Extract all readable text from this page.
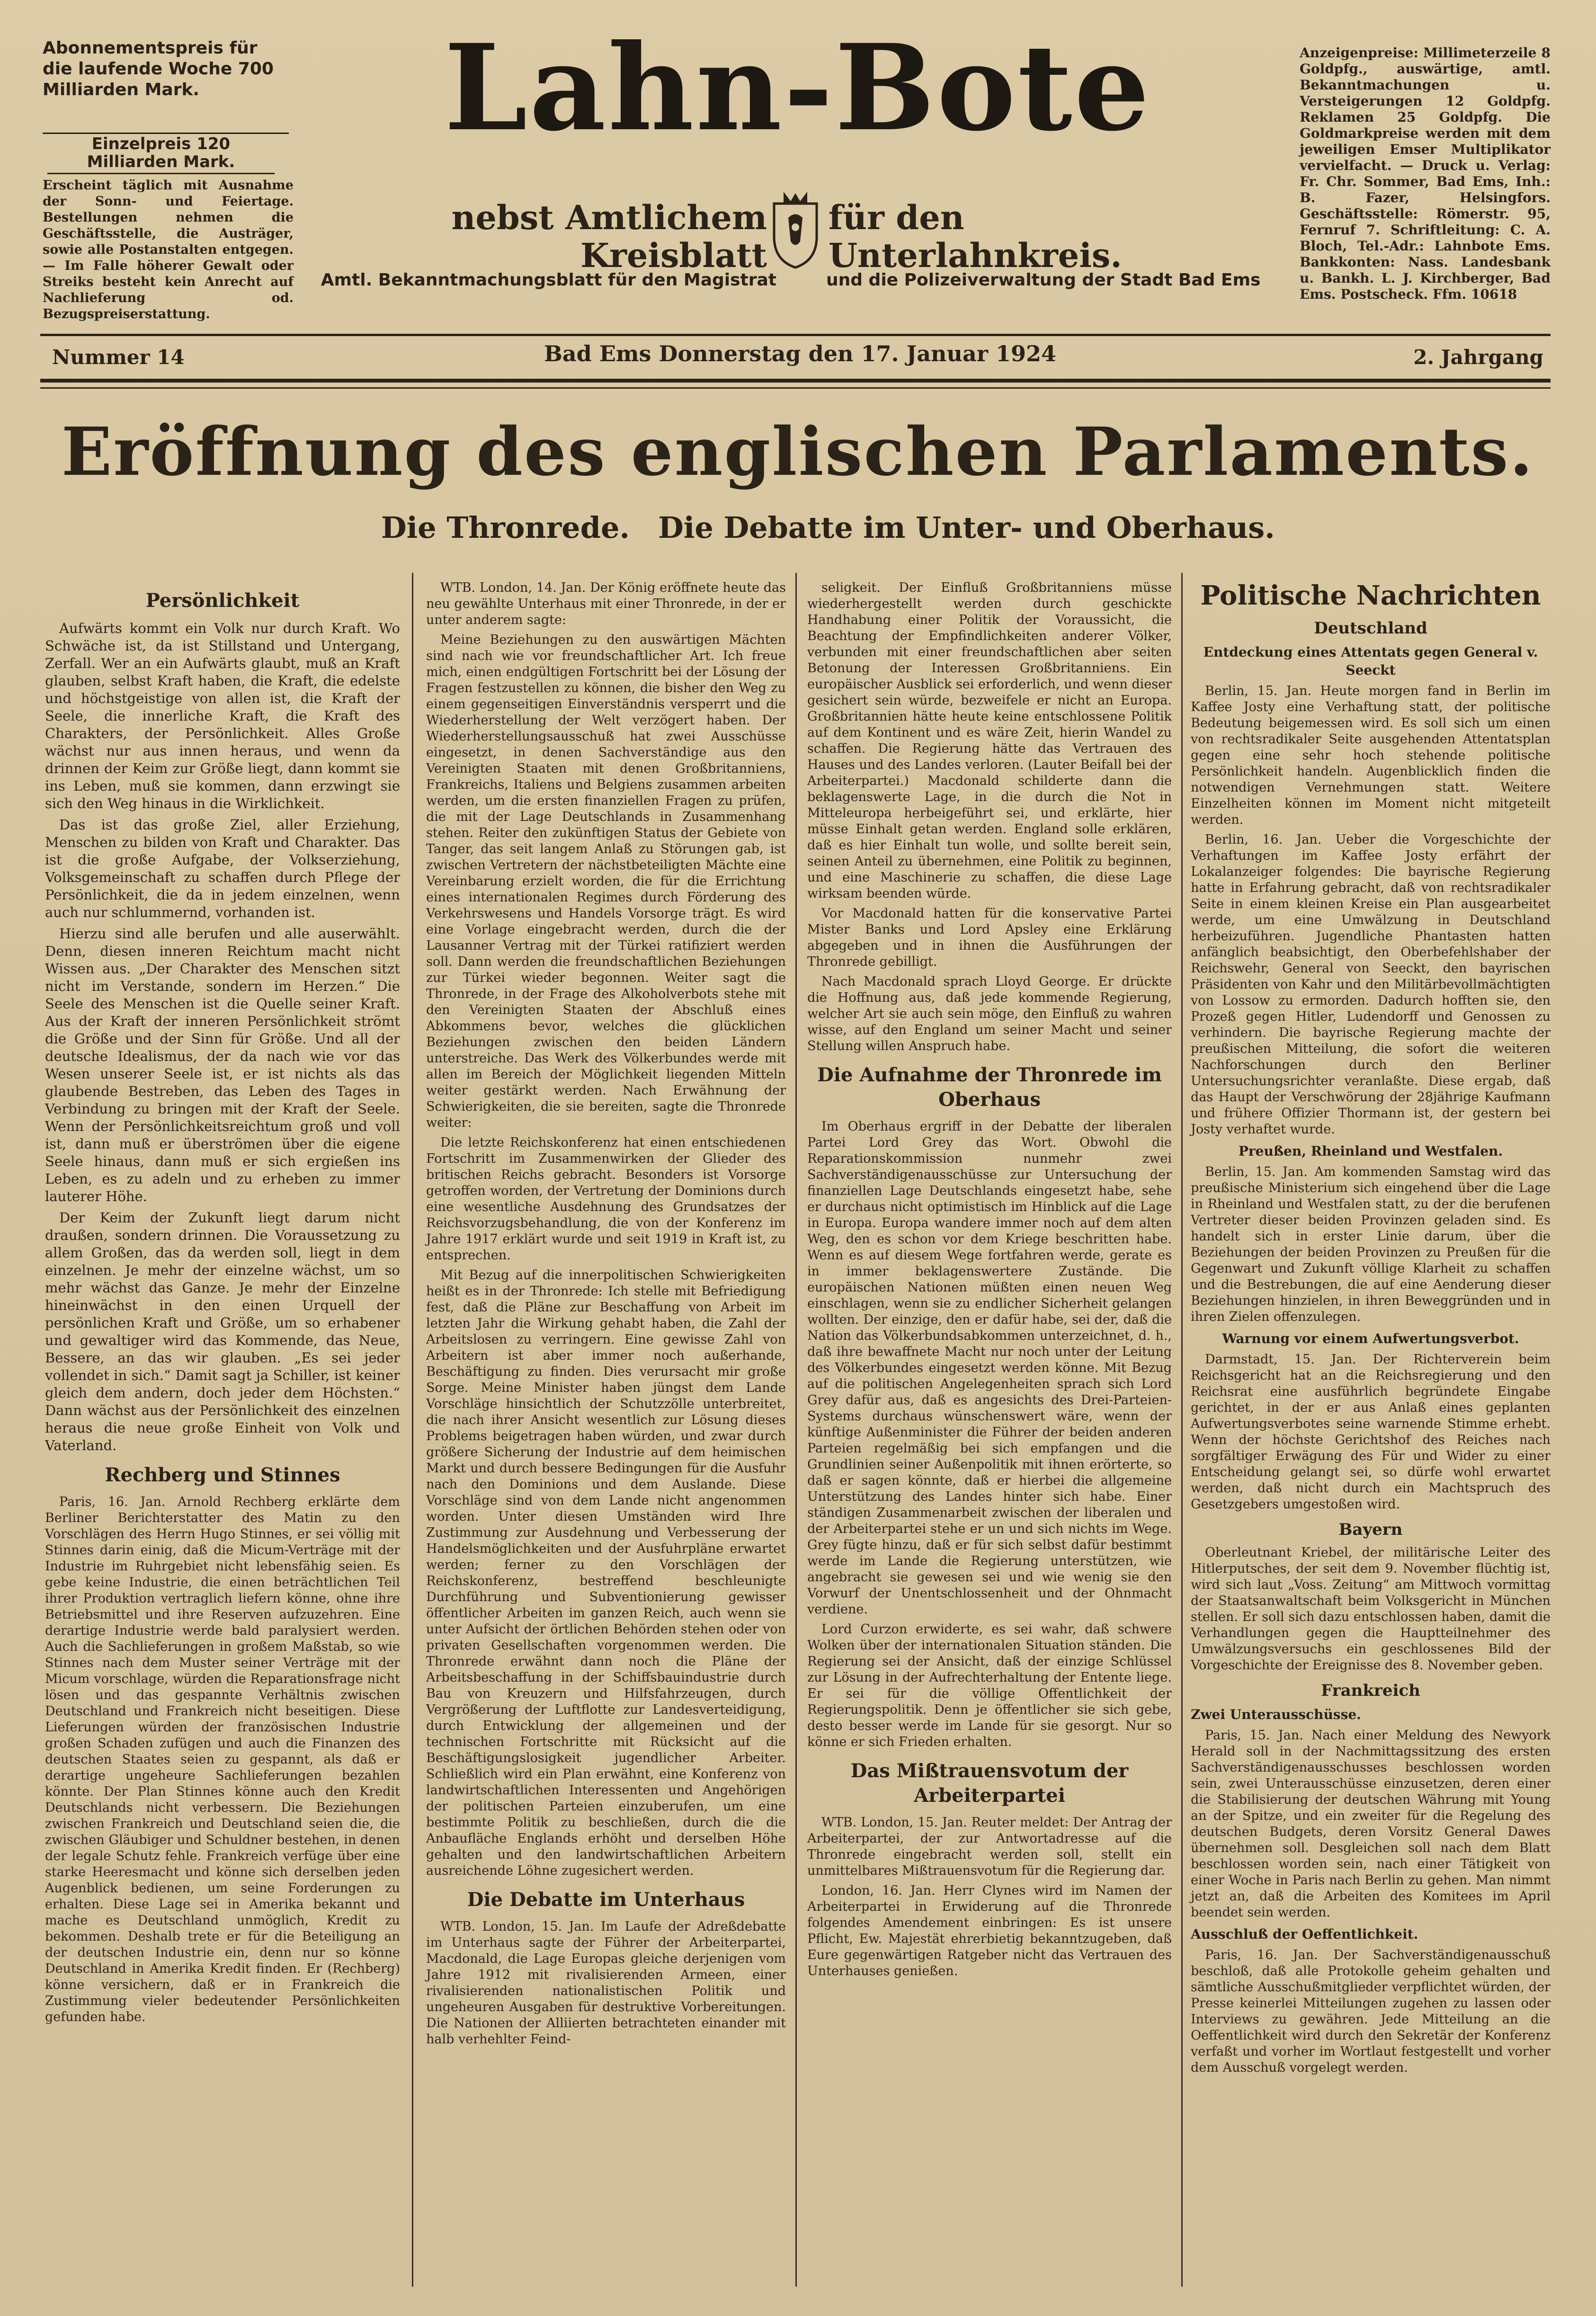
Abonnementspreis für die laufende Woche 700 Milliarden Mark.
Einzelpreis 120 Milliarden Mark.
Erscheint täglich mit Ausnahme der Sonn- und Feiertage. Bestellungen nehmen die Geschäftsstelle, die Austräger, sowie alle Postanstalten entgegen. — Im Falle höherer Gewalt oder Streiks besteht kein Anrecht auf Nachlieferung od. Bezugspreiserstattung.
Lahn-Bote
nebst Amtlichem Kreisblatt
für den Unterlahnkreis.
Amtl. Bekanntmachungsblatt für den Magistrat	und die Polizeiverwaltung der Stadt Bad Ems
Anzeigenpreise: Millimeterzeile 8 Goldpfg., auswärtige, amtl. Bekanntmachungen u. Versteigerungen 12 Goldpfg. Reklamen 25 Goldpfg. Die Goldmarkpreise werden mit dem jeweiligen Emser Multiplikator vervielfacht. — Druck u. Verlag: Fr. Chr. Sommer, Bad Ems, Inh.: B. Fazer, Helsingfors. Geschäftsstelle: Römerstr. 95, Fernruf 7. Schriftleitung: C. A. Bloch, Tel.-Adr.: Lahnbote Ems. Bankkonten: Nass. Landesbank u. Bankh. L. J. Kirchberger, Bad Ems. Postscheck. Ffm. 10618
Nummer 14	Bad Ems Donnerstag den 17. Januar 1924	2. Jahrgang
Eröffnung des englischen Parlaments.
Die Thronrede. Die Debatte im Unter- und Oberhaus.
Persönlichkeit

Aufwärts kommt ein Volk nur durch Kraft. Wo Schwäche ist, da ist Stillstand und Untergang, Zerfall. Wer an ein Aufwärts glaubt, muß an Kraft glauben, selbst Kraft haben, die Kraft, die edelste und höchstgeistige von allen ist, die Kraft der Seele, die innerliche Kraft, die Kraft des Charakters, der Persönlichkeit. Alles Große wächst nur aus innen heraus, und wenn da drinnen der Keim zur Größe liegt, dann kommt sie ins Leben, muß sie kommen, dann erzwingt sie sich den Weg hinaus in die Wirklichkeit.

Das ist das große Ziel, aller Erziehung, Menschen zu bilden von Kraft und Charakter. Das ist die große Aufgabe, der Volkserziehung, Volksgemeinschaft zu schaffen durch Pflege der Persönlichkeit, die da in jedem einzelnen, wenn auch nur schlummernd, vorhanden ist.

Hierzu sind alle berufen und alle auserwählt. Denn, diesen inneren Reichtum macht nicht Wissen aus. „Der Charakter des Menschen sitzt nicht im Verstande, sondern im Herzen.“ Die Seele des Menschen ist die Quelle seiner Kraft. Aus der Kraft der inneren Persönlichkeit strömt die Größe und der Sinn für Größe. Und all der deutsche Idealismus, der da nach wie vor das Wesen unserer Seele ist, er ist nichts als das glaubende Bestreben, das Leben des Tages in Verbindung zu bringen mit der Kraft der Seele. Wenn der Persönlichkeitsreichtum groß und voll ist, dann muß er überströmen über die eigene Seele hinaus, dann muß er sich ergießen ins Leben, es zu adeln und zu erheben zu immer lauterer Höhe.

Der Keim der Zukunft liegt darum nicht draußen, sondern drinnen. Die Voraussetzung zu allem Großen, das da werden soll, liegt in dem einzelnen. Je mehr der einzelne wächst, um so mehr wächst das Ganze. Je mehr der Einzelne hineinwächst in den einen Urquell der persönlichen Kraft und Größe, um so erhabener und gewaltiger wird das Kommende, das Neue, Bessere, an das wir glauben. „Es sei jeder vollendet in sich.“ Damit sagt ja Schiller, ist keiner gleich dem andern, doch jeder dem Höchsten.“ Dann wächst aus der Persönlichkeit des einzelnen heraus die neue große Einheit von Volk und Vaterland.

Rechberg und Stinnes

Paris, 16. Jan. Arnold Rechberg erklärte dem Berliner Berichterstatter des Matin zu den Vorschlägen des Herrn Hugo Stinnes, er sei völlig mit Stinnes darin einig, daß die Micum-Verträge mit der Industrie im Ruhrgebiet nicht lebensfähig seien. Es gebe keine Industrie, die einen beträchtlichen Teil ihrer Produktion vertraglich liefern könne, ohne ihre Betriebsmittel und ihre Reserven aufzuzehren. Eine derartige Industrie werde bald paralysiert werden. Auch die Sachlieferungen in großem Maßstab, so wie Stinnes nach dem Muster seiner Verträge mit der Micum vorschlage, würden die Reparationsfrage nicht lösen und das gespannte Verhältnis zwischen Deutschland und Frankreich nicht beseitigen. Diese Lieferungen würden der französischen Industrie großen Schaden zufügen und auch die Finanzen des deutschen Staates seien zu gespannt, als daß er derartige ungeheure Sachlieferungen bezahlen könnte. Der Plan Stinnes könne auch den Kredit Deutschlands nicht verbessern. Die Beziehungen zwischen Frankreich und Deutschland seien die, die zwischen Gläubiger und Schuldner bestehen, in denen der legale Schutz fehle. Frankreich verfüge über eine starke Heeresmacht und könne sich derselben jeden Augenblick bedienen, um seine Forderungen zu erhalten. Diese Lage sei in Amerika bekannt und mache es Deutschland unmöglich, Kredit zu bekommen. Deshalb trete er für die Beteiligung an der deutschen Industrie ein, denn nur so könne Deutschland in Amerika Kredit finden. Er (Rechberg) könne versichern, daß er in Frankreich die Zustimmung vieler bedeutender Persönlichkeiten gefunden habe.

WTB. London, 14. Jan. Der König eröffnete heute das neu gewählte Unterhaus mit einer Thronrede, in der er unter anderem sagte:

Meine Beziehungen zu den auswärtigen Mächten sind nach wie vor freundschaftlicher Art. Ich freue mich, einen endgültigen Fortschritt bei der Lösung der Fragen festzustellen zu können, die bisher den Weg zu einem gegenseitigen Einverständnis versperrt und die Wiederherstellung der Welt verzögert haben. Der Wiederherstellungsausschuß hat zwei Ausschüsse eingesetzt, in denen Sachverständige aus den Vereinigten Staaten mit denen Großbritanniens, Frankreichs, Italiens und Belgiens zusammen arbeiten werden, um die ersten finanziellen Fragen zu prüfen, die mit der Lage Deutschlands in Zusammenhang stehen. Reiter den zukünftigen Status der Gebiete von Tanger, das seit langem Anlaß zu Störungen gab, ist zwischen Vertretern der nächstbeteiligten Mächte eine Vereinbarung erzielt worden, die für die Errichtung eines internationalen Regimes durch Förderung des Verkehrswesens und Handels Vorsorge trägt. Es wird eine Vorlage eingebracht werden, durch die der Lausanner Vertrag mit der Türkei ratifiziert werden soll. Dann werden die freundschaftlichen Beziehungen zur Türkei wieder begonnen. Weiter sagt die Thronrede, in der Frage des Alkoholverbots stehe mit den Vereinigten Staaten der Abschluß eines Abkommens bevor, welches die glücklichen Beziehungen zwischen den beiden Ländern unterstreiche. Das Werk des Völkerbundes werde mit allen im Bereich der Möglichkeit liegenden Mitteln weiter gestärkt werden. Nach Erwähnung der Schwierigkeiten, die sie bereiten, sagte die Thronrede weiter:

Die letzte Reichskonferenz hat einen entschiedenen Fortschritt im Zusammenwirken der Glieder des britischen Reichs gebracht. Besonders ist Vorsorge getroffen worden, der Vertretung der Dominions durch eine wesentliche Ausdehnung des Grundsatzes der Reichsvorzugsbehandlung, die von der Konferenz im Jahre 1917 erklärt wurde und seit 1919 in Kraft ist, zu entsprechen.

Mit Bezug auf die innerpolitischen Schwierigkeiten heißt es in der Thronrede: Ich stelle mit Befriedigung fest, daß die Pläne zur Beschaffung von Arbeit im letzten Jahr die Wirkung gehabt haben, die Zahl der Arbeitslosen zu verringern. Eine gewisse Zahl von Arbeitern ist aber immer noch außerhande, Beschäftigung zu finden. Dies verursacht mir große Sorge. Meine Minister haben jüngst dem Lande Vorschläge hinsichtlich der Schutzzölle unterbreitet, die nach ihrer Ansicht wesentlich zur Lösung dieses Problems beigetragen haben würden, und zwar durch größere Sicherung der Industrie auf dem heimischen Markt und durch bessere Bedingungen für die Ausfuhr nach den Dominions und dem Auslande. Diese Vorschläge sind von dem Lande nicht angenommen worden. Unter diesen Umständen wird Ihre Zustimmung zur Ausdehnung und Verbesserung der Handelsmöglichkeiten und der Ausfuhrpläne erwartet werden; ferner zu den Vorschlägen der Reichskonferenz, bestreffend beschleunigte Durchführung und Subventionierung gewisser öffentlicher Arbeiten im ganzen Reich, auch wenn sie unter Aufsicht der örtlichen Behörden stehen oder von privaten Gesellschaften vorgenommen werden. Die Thronrede erwähnt dann noch die Pläne der Arbeitsbeschaffung in der Schiffsbauindustrie durch Bau von Kreuzern und Hilfsfahrzeugen, durch Vergrößerung der Luftflotte zur Landesverteidigung, durch Entwicklung der allgemeinen und der technischen Fortschritte mit Rücksicht auf die Beschäftigungslosigkeit jugendlicher Arbeiter. Schließlich wird ein Plan erwähnt, eine Konferenz von landwirtschaftlichen Interessenten und Angehörigen der politischen Parteien einzuberufen, um eine bestimmte Politik zu beschließen, durch die die Anbaufläche Englands erhöht und derselben Höhe gehalten und den landwirtschaftlichen Arbeitern ausreichende Löhne zugesichert werden.

Die Debatte im Unterhaus

WTB. London, 15. Jan. Im Laufe der Adreßdebatte im Unterhaus sagte der Führer der Arbeiterpartei, Macdonald, die Lage Europas gleiche derjenigen vom Jahre 1912 mit rivalisierenden Armeen, einer rivalisierenden nationalistischen Politik und ungeheuren Ausgaben für destruktive Vorbereitungen. Die Nationen der Alliierten betrachteten einander mit halb verhehlter Feind-

seligkeit. Der Einfluß Großbritanniens müsse wiederhergestellt werden durch geschickte Handhabung einer Politik der Voraussicht, die Beachtung der Empfindlichkeiten anderer Völker, verbunden mit einer freundschaftlichen aber seiten Betonung der Interessen Großbritanniens. Ein europäischer Ausblick sei erforderlich, und wenn dieser gesichert sein würde, bezweifele er nicht an Europa. Großbritannien hätte heute keine entschlossene Politik auf dem Kontinent und es wäre Zeit, hierin Wandel zu schaffen. Die Regierung hätte das Vertrauen des Hauses und des Landes verloren. (Lauter Beifall bei der Arbeiterpartei.) Macdonald schilderte dann die beklagenswerte Lage, in die durch die Not in Mitteleuropa herbeigeführt sei, und erklärte, hier müsse Einhalt getan werden. England solle erklären, daß es hier Einhalt tun wolle, und sollte bereit sein, seinen Anteil zu übernehmen, eine Politik zu beginnen, und eine Maschinerie zu schaffen, die diese Lage wirksam beenden würde.

Vor Macdonald hatten für die konservative Partei Mister Banks und Lord Apsley eine Erklärung abgegeben und in ihnen die Ausführungen der Thronrede gebilligt.

Nach Macdonald sprach Lloyd George. Er drückte die Hoffnung aus, daß jede kommende Regierung, welcher Art sie auch sein möge, den Einfluß zu wahren wisse, auf den England um seiner Macht und seiner Stellung willen Anspruch habe.

Die Aufnahme der Thronrede im Oberhaus

Im Oberhaus ergriff in der Debatte der liberalen Partei Lord Grey das Wort. Obwohl die Reparationskommission nunmehr zwei Sachverständigenausschüsse zur Untersuchung der finanziellen Lage Deutschlands eingesetzt habe, sehe er durchaus nicht optimistisch im Hinblick auf die Lage in Europa. Europa wandere immer noch auf dem alten Weg, den es schon vor dem Kriege beschritten habe. Wenn es auf diesem Wege fortfahren werde, gerate es in immer beklagenswertere Zustände. Die europäischen Nationen müßten einen neuen Weg einschlagen, wenn sie zu endlicher Sicherheit gelangen wollten. Der einzige, den er dafür habe, sei der, daß die Nation das Völkerbundsabkommen unterzeichnet, d. h., daß ihre bewaffnete Macht nur noch unter der Leitung des Völkerbundes eingesetzt werden könne. Mit Bezug auf die politischen Angelegenheiten sprach sich Lord Grey dafür aus, daß es angesichts des Drei-Parteien-Systems durchaus wünschenswert wäre, wenn der künftige Außenminister die Führer der beiden anderen Parteien regelmäßig bei sich empfangen und die Grundlinien seiner Außenpolitik mit ihnen erörterte, so daß er sagen könnte, daß er hierbei die allgemeine Unterstützung des Landes hinter sich habe. Einer ständigen Zusammenarbeit zwischen der liberalen und der Arbeiterpartei stehe er un und sich nichts im Wege. Grey fügte hinzu, daß er für sich selbst dafür bestimmt werde im Lande die Regierung unterstützen, wie angebracht sie gewesen sei und wie wenig sie den Vorwurf der Unentschlossenheit und der Ohnmacht verdiene.

Lord Curzon erwiderte, es sei wahr, daß schwere Wolken über der internationalen Situation ständen. Die Regierung sei der Ansicht, daß der einzige Schlüssel zur Lösung in der Aufrechterhaltung der Entente liege. Er sei für die völlige Offentlichkeit der Regierungspolitik. Denn je öffentlicher sie sich gebe, desto besser werde im Lande für sie gesorgt. Nur so könne er sich Frieden erhalten.

Das Mißtrauensvotum der Arbeiterpartei

WTB. London, 15. Jan. Reuter meldet: Der Antrag der Arbeiterpartei, der zur Antwortadresse auf die Thronrede eingebracht werden soll, stellt ein unmittelbares Mißtrauensvotum für die Regierung dar.

London, 16. Jan. Herr Clynes wird im Namen der Arbeiterpartei in Erwiderung auf die Thronrede folgendes Amendement einbringen: Es ist unsere Pflicht, Ew. Majestät ehrerbietig bekanntzugeben, daß Eure gegenwärtigen Ratgeber nicht das Vertrauen des Unterhauses genießen.

Politische Nachrichten
Deutschland
Entdeckung eines Attentats gegen General v. Seeckt

Berlin, 15. Jan. Heute morgen fand in Berlin im Kaffee Josty eine Verhaftung statt, der politische Bedeutung beigemessen wird. Es soll sich um einen von rechtsradikaler Seite ausgehenden Attentatsplan gegen eine sehr hoch stehende politische Persönlichkeit handeln. Augenblicklich finden die notwendigen Vernehmungen statt. Weitere Einzelheiten können im Moment nicht mitgeteilt werden.

Berlin, 16. Jan. Ueber die Vorgeschichte der Verhaftungen im Kaffee Josty erfährt der Lokalanzeiger folgendes: Die bayrische Regierung hatte in Erfahrung gebracht, daß von rechtsradikaler Seite in einem kleinen Kreise ein Plan ausgearbeitet werde, um eine Umwälzung in Deutschland herbeizuführen. Jugendliche Phantasten hatten anfänglich beabsichtigt, den Oberbefehlshaber der Reichswehr, General von Seeckt, den bayrischen Präsidenten von Kahr und den Militärbevollmächtigten von Lossow zu ermorden. Dadurch hofften sie, den Prozeß gegen Hitler, Ludendorff und Genossen zu verhindern. Die bayrische Regierung machte der preußischen Mitteilung, die sofort die weiteren Nachforschungen durch den Berliner Untersuchungsrichter veranlaßte. Diese ergab, daß das Haupt der Verschwörung der 28jährige Kaufmann und frühere Offizier Thormann ist, der gestern bei Josty verhaftet wurde.

Preußen, Rheinland und Westfalen.

Berlin, 15. Jan. Am kommenden Samstag wird das preußische Ministerium sich eingehend über die Lage in Rheinland und Westfalen statt, zu der die berufenen Vertreter dieser beiden Provinzen geladen sind. Es handelt sich in erster Linie darum, über die Beziehungen der beiden Provinzen zu Preußen für die Gegenwart und Zukunft völlige Klarheit zu schaffen und die Bestrebungen, die auf eine Aenderung dieser Beziehungen hinzielen, in ihren Beweggründen und in ihren Zielen offenzulegen.

Warnung vor einem Aufwertungsverbot.

Darmstadt, 15. Jan. Der Richterverein beim Reichsgericht hat an die Reichsregierung und den Reichsrat eine ausführlich begründete Eingabe gerichtet, in der er aus Anlaß eines geplanten Aufwertungsverbotes seine warnende Stimme erhebt. Wenn der höchste Gerichtshof des Reiches nach sorgfältiger Erwägung des Für und Wider zu einer Entscheidung gelangt sei, so dürfe wohl erwartet werden, daß nicht durch ein Machtspruch des Gesetzgebers umgestoßen wird.

Bayern

Oberleutnant Kriebel, der militärische Leiter des Hitlerputsches, der seit dem 9. November flüchtig ist, wird sich laut „Voss. Zeitung“ am Mittwoch vormittag der Staatsanwaltschaft beim Volksgericht in München stellen. Er soll sich dazu entschlossen haben, damit die Verhandlungen gegen die Hauptteilnehmer des Umwälzungsversuchs ein geschlossenes Bild der Vorgeschichte der Ereignisse des 8. November geben.

Frankreich
Zwei Unterausschüsse.

Paris, 15. Jan. Nach einer Meldung des Newyork Herald soll in der Nachmittagssitzung des ersten Sachverständigenausschusses beschlossen worden sein, zwei Unterausschüsse einzusetzen, deren einer die Stabilisierung der deutschen Währung mit Young an der Spitze, und ein zweiter für die Regelung des deutschen Budgets, deren Vorsitz General Dawes übernehmen soll. Desgleichen soll nach dem Blatt beschlossen worden sein, nach einer Tätigkeit von einer Woche in Paris nach Berlin zu gehen. Man nimmt jetzt an, daß die Arbeiten des Komitees im April beendet sein werden.

Ausschluß der Oeffentlichkeit.

Paris, 16. Jan. Der Sachverständigenausschuß beschloß, daß alle Protokolle geheim gehalten und sämtliche Ausschußmitglieder verpflichtet würden, der Presse keinerlei Mitteilungen zugehen zu lassen oder Interviews zu gewähren. Jede Mitteilung an die Oeffentlichkeit wird durch den Sekretär der Konferenz verfaßt und vorher im Wortlaut festgestellt und vorher dem Ausschuß vorgelegt werden.
